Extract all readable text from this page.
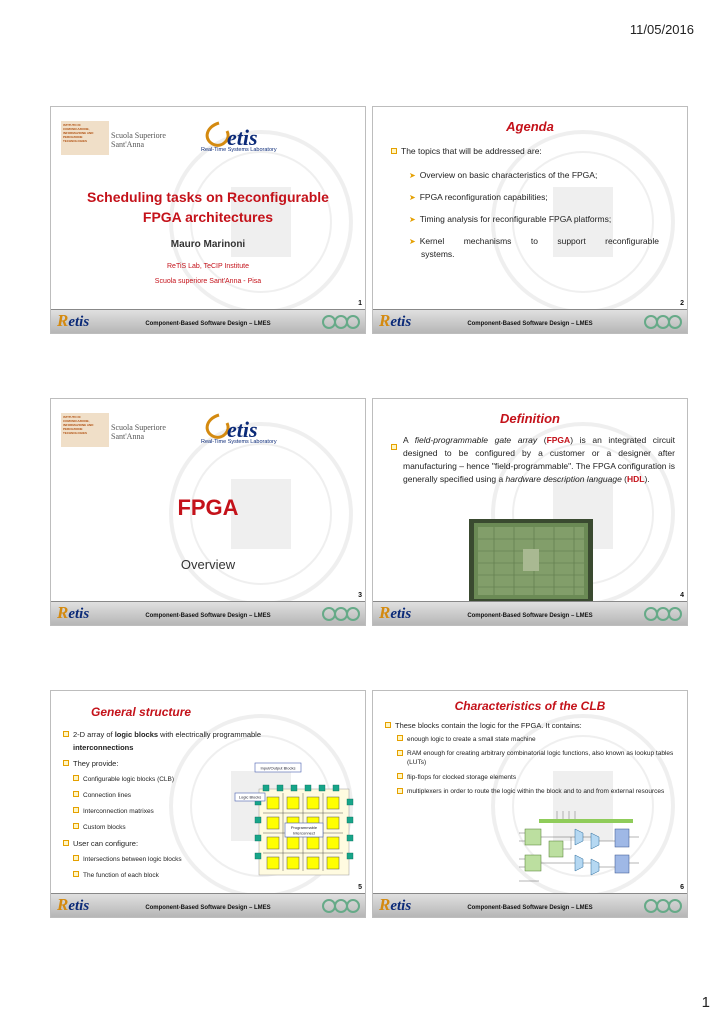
11/05/2016
ISTITUTO DI COMUNICAZIONE, INFORMAZIONE AND PERCEZIONE TECHNOLOGIES
Scuola Superiore
Sant'Anna	etis
Real-Time Systems Laboratory
Scheduling tasks on Reconfigurable
FPGA architectures
Mauro Marinoni
ReTiS Lab, TeCIP Institute
Scuola superiore Sant'Anna - Pisa
1
Retis	Component-Based Software Design – LMES
Agenda
The topics that will be addressed are:
➤ Overview on basic characteristics of the FPGA;
➤ FPGA reconfiguration capabilities;
➤ Timing analysis for reconfigurable FPGA platforms;
➤ Kernel mechanisms to support reconfigurable
systems.
2
Retis	Component-Based Software Design – LMES
ISTITUTO DI COMUNICAZIONE, INFORMAZIONE AND PERCEZIONE TECHNOLOGIES
Scuola Superiore
Sant'Anna	etis
Real-Time Systems Laboratory
FPGA
Overview
3
Retis	Component-Based Software Design – LMES
Definition
A field-programmable gate array (FPGA) is an integrated circuit designed to be configured by a customer or a designer after manufacturing – hence "field-programmable". The FPGA configuration is generally specified using a hardware description language (HDL).
4
Retis	Component-Based Software Design – LMES
General structure
2-D array of logic blocks with electrically programmable
interconnections
They provide:
Configurable logic blocks (CLB)
Connection lines
Interconnection matrixes
Custom blocks
User can configure:
Intersections between logic blocks
The function of each block
Input/Output Blocks
Logic Blocks
Programmable
Interconnect
5
Retis	Component-Based Software Design – LMES
Characteristics of the CLB
These blocks contain the logic for the FPGA. It contains:
enough logic to create a small state machine
RAM enough for creating arbitrary combinatorial logic functions, also known as lookup tables (LUTs)
flip-flops for clocked storage elements
multiplexers in order to route the logic within the block and to and from external resources
6
Retis	Component-Based Software Design – LMES
1
